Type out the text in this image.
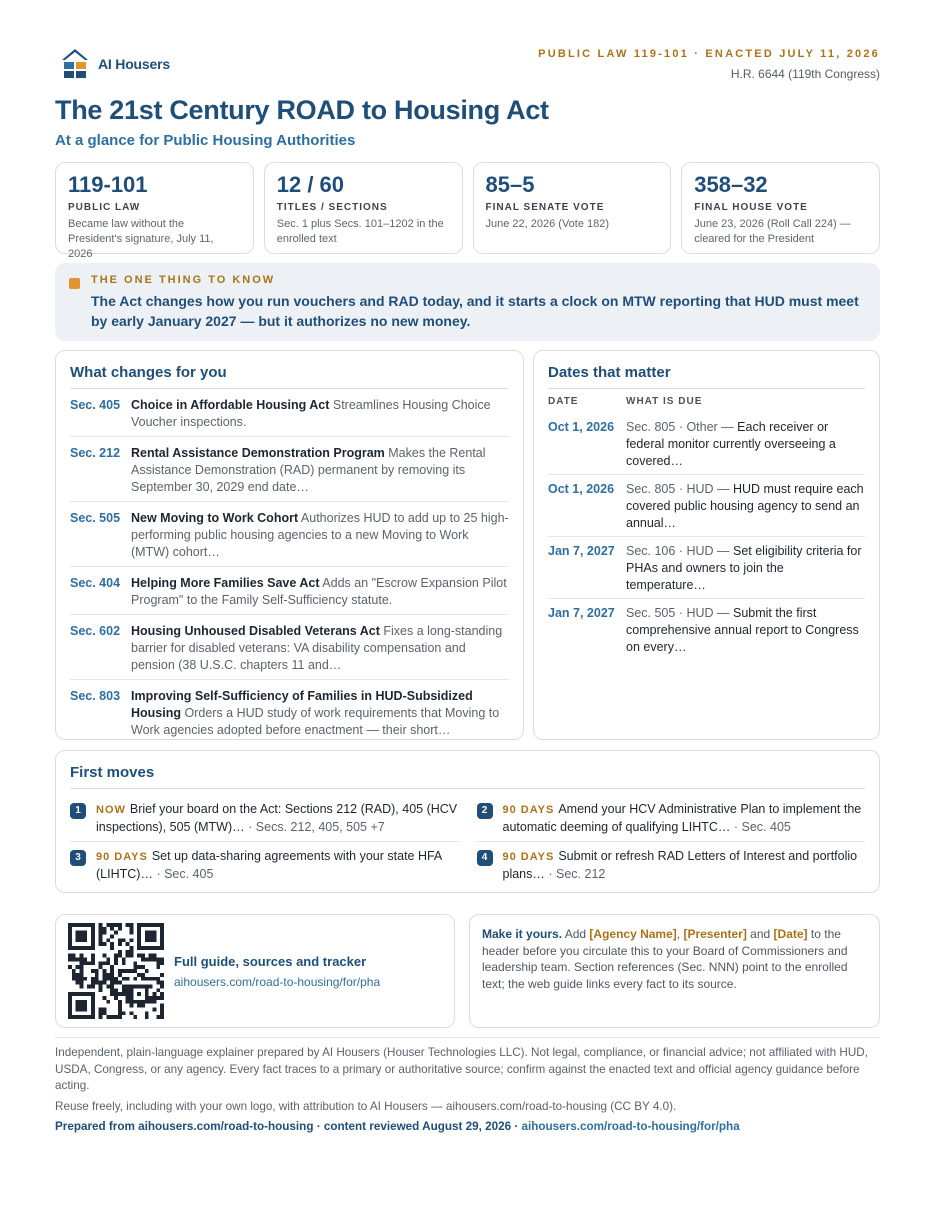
AI Housers
PUBLIC LAW 119-101 · ENACTED JULY 11, 2026
H.R. 6644 (119th Congress)
The 21st Century ROAD to Housing Act
At a glance for Public Housing Authorities
119-101
PUBLIC LAW
Became law without the President's signature, July 11, 2026
12 / 60
TITLES / SECTIONS
Sec. 1 plus Secs. 101–1202 in the enrolled text
85–5
FINAL SENATE VOTE
June 22, 2026 (Vote 182)
358–32
FINAL HOUSE VOTE
June 23, 2026 (Roll Call 224) — cleared for the President
THE ONE THING TO KNOW
The Act changes how you run vouchers and RAD today, and it starts a clock on MTW reporting that HUD must meet by early January 2027 — but it authorizes no new money.
What changes for you
Sec. 405 Choice in Affordable Housing Act Streamlines Housing Choice Voucher inspections.
Sec. 212 Rental Assistance Demonstration Program Makes the Rental Assistance Demonstration (RAD) permanent by removing its September 30, 2029 end date…
Sec. 505 New Moving to Work Cohort Authorizes HUD to add up to 25 high-performing public housing agencies to a new Moving to Work (MTW) cohort…
Sec. 404 Helping More Families Save Act Adds an "Escrow Expansion Pilot Program" to the Family Self-Sufficiency statute.
Sec. 602 Housing Unhoused Disabled Veterans Act Fixes a long-standing barrier for disabled veterans: VA disability compensation and pension (38 U.S.C. chapters 11 and…
Sec. 803 Improving Self-Sufficiency of Families in HUD-Subsidized Housing Orders a HUD study of work requirements that Moving to Work agencies adopted before enactment — their short…
Dates that matter
DATE	WHAT IS DUE
Oct 1, 2026 Sec. 805 · Other — Each receiver or federal monitor currently overseeing a covered…
Oct 1, 2026 Sec. 805 · HUD — HUD must require each covered public housing agency to send an annual…
Jan 7, 2027 Sec. 106 · HUD — Set eligibility criteria for PHAs and owners to join the temperature…
Jan 7, 2027 Sec. 505 · HUD — Submit the first comprehensive annual report to Congress on every…
First moves
1	NOW Brief your board on the Act: Sections 212 (RAD), 405 (HCV inspections), 505 (MTW)… · Secs. 212, 405, 505 +7
2	90 DAYS Amend your HCV Administrative Plan to implement the automatic deeming of qualifying LIHTC… · Sec. 405
3	90 DAYS Set up data-sharing agreements with your state HFA (LIHTC)… · Sec. 405
4	90 DAYS Submit or refresh RAD Letters of Interest and portfolio plans… · Sec. 212
Full guide, sources and tracker
aihousers.com/road-to-housing/for/pha
Make it yours. Add [Agency Name], [Presenter] and [Date] to the header before you circulate this to your Board of Commissioners and leadership team. Section references (Sec. NNN) point to the enrolled text; the web guide links every fact to its source.

Independent, plain-language explainer prepared by AI Housers (Houser Technologies LLC). Not legal, compliance, or financial advice; not affiliated with HUD, USDA, Congress, or any agency. Every fact traces to a primary or authoritative source; confirm against the enacted text and official agency guidance before acting.

Reuse freely, including with your own logo, with attribution to AI Housers — aihousers.com/road-to-housing (CC BY 4.0).

Prepared from aihousers.com/road-to-housing · content reviewed August 29, 2026 · aihousers.com/road-to-housing/for/pha
